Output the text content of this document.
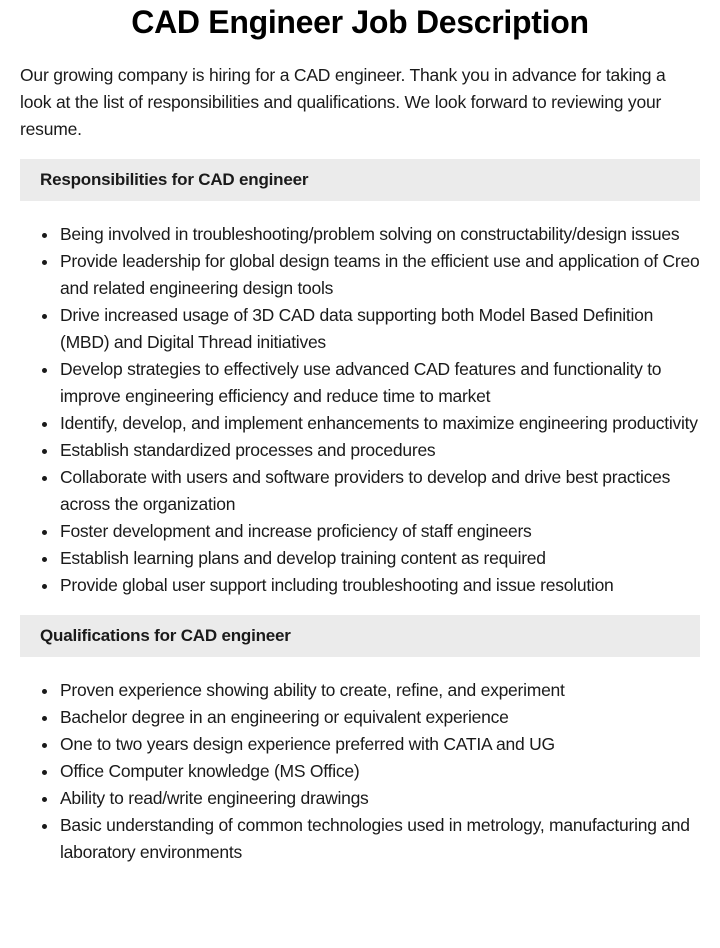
CAD Engineer Job Description

Our growing company is hiring for a CAD engineer. Thank you in advance for taking a look at the list of responsibilities and qualifications. We look forward to reviewing your resume.

Responsibilities for CAD engineer
Being involved in troubleshooting/problem solving on constructability/design issues
Provide leadership for global design teams in the efficient use and application of Creo and related engineering design tools
Drive increased usage of 3D CAD data supporting both Model Based Definition (MBD) and Digital Thread initiatives
Develop strategies to effectively use advanced CAD features and functionality to improve engineering efficiency and reduce time to market
Identify, develop, and implement enhancements to maximize engineering productivity
Establish standardized processes and procedures
Collaborate with users and software providers to develop and drive best practices across the organization
Foster development and increase proficiency of staff engineers
Establish learning plans and develop training content as required
Provide global user support including troubleshooting and issue resolution
Qualifications for CAD engineer
Proven experience showing ability to create, refine, and experiment
Bachelor degree in an engineering or equivalent experience
One to two years design experience preferred with CATIA and UG
Office Computer knowledge (MS Office)
Ability to read/write engineering drawings
Basic understanding of common technologies used in metrology, manufacturing and laboratory environments
